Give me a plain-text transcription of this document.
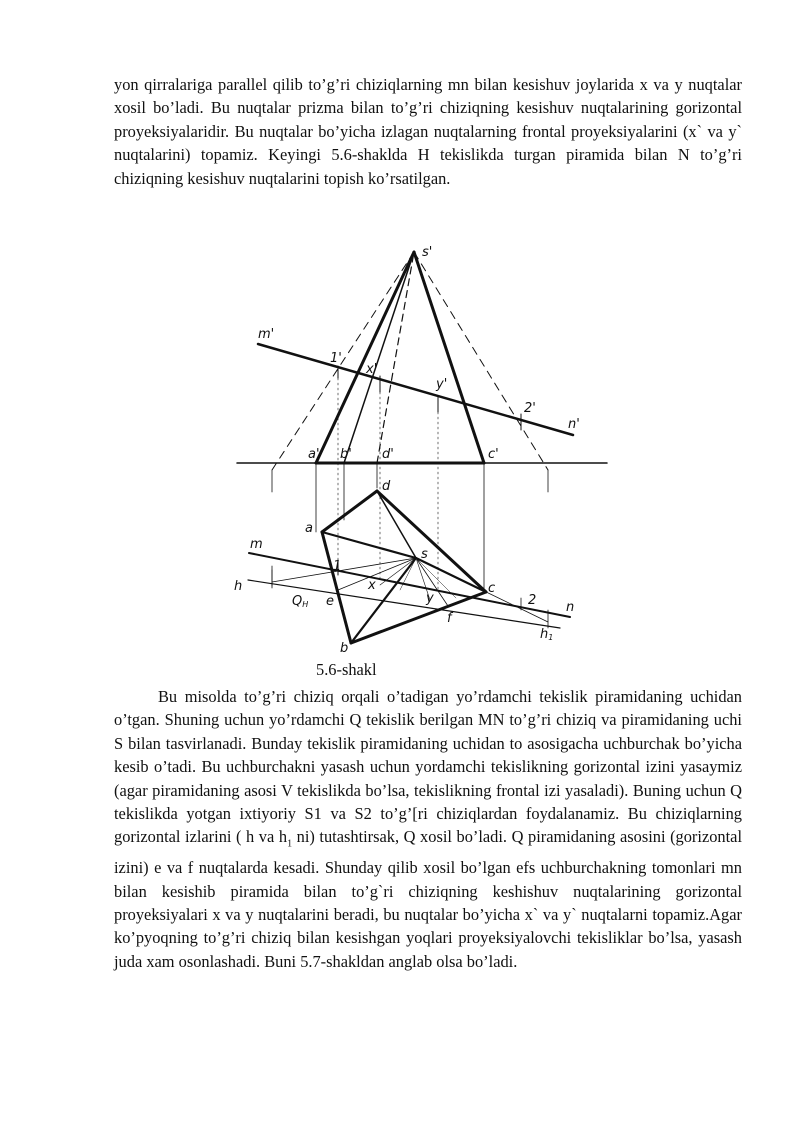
yon qirralariga parallel qilib to’g’ri chiziqlarning mn bilan kesishuv joylarida x va y nuqtalar xosil bo’ladi. Bu nuqtalar prizma bilan to’g’ri chiziqning kesishuv nuqtalarining gorizontal proyeksiyalaridir. Bu nuqtalar bo’yicha izlagan nuqtalarning frontal proyeksiyalarini (x` va y` nuqtalarini) topamiz. Keyingi 5.6-shaklda H tekislikda turgan piramida bilan N to’g’ri chiziqning kesishuv nuqtalarini topish ko’rsatilgan.

s'
m'
n'
1'
x'
y'
2'
a' b' d'	c'
d
a
m
s
h
1
x
QH e	y
c
2 n
f
h1
b
5.6-shakl

Bu misolda to’g’ri chiziq orqali o’tadigan yo’rdamchi tekislik piramidaning uchidan o’tgan. Shuning uchun yo’rdamchi Q tekislik berilgan MN to’g’ri chiziq va piramidaning uchi S bilan tasvirlanadi. Bunday tekislik piramidaning uchidan to asosigacha uchburchak bo’yicha kesib o’tadi. Bu uchburchakni yasash uchun yordamchi tekislikning gorizontal izini yasaymiz (agar piramidaning asosi V tekislikda bo’lsa, tekislikning frontal izi yasaladi). Buning uchun Q tekislikda yotgan ixtiyoriy S1 va S2 to’g’[ri chiziqlardan foydalanamiz. Bu chiziqlarning gorizontal izlarini ( h va $h_1$ ni) tutashtirsak, Q xosil bo’ladi. Q piramidaning asosini (gorizontal izini) e va f nuqtalarda kesadi. Shunday qilib xosil bo’lgan efs uchburchakning tomonlari mn bilan kesishib piramida bilan to’g`ri chiziqning keshishuv nuqtalarining gorizontal proyeksiyalari x va y nuqtalarini beradi, bu nuqtalar bo’yicha x` va y` nuqtalarni topamiz.Agar ko’pyoqning to’g’ri chiziq bilan kesishgan yoqlari proyeksiyalovchi tekisliklar bo’lsa, yasash juda xam osonlashadi. Buni 5.7-shakldan anglab olsa bo’ladi.
